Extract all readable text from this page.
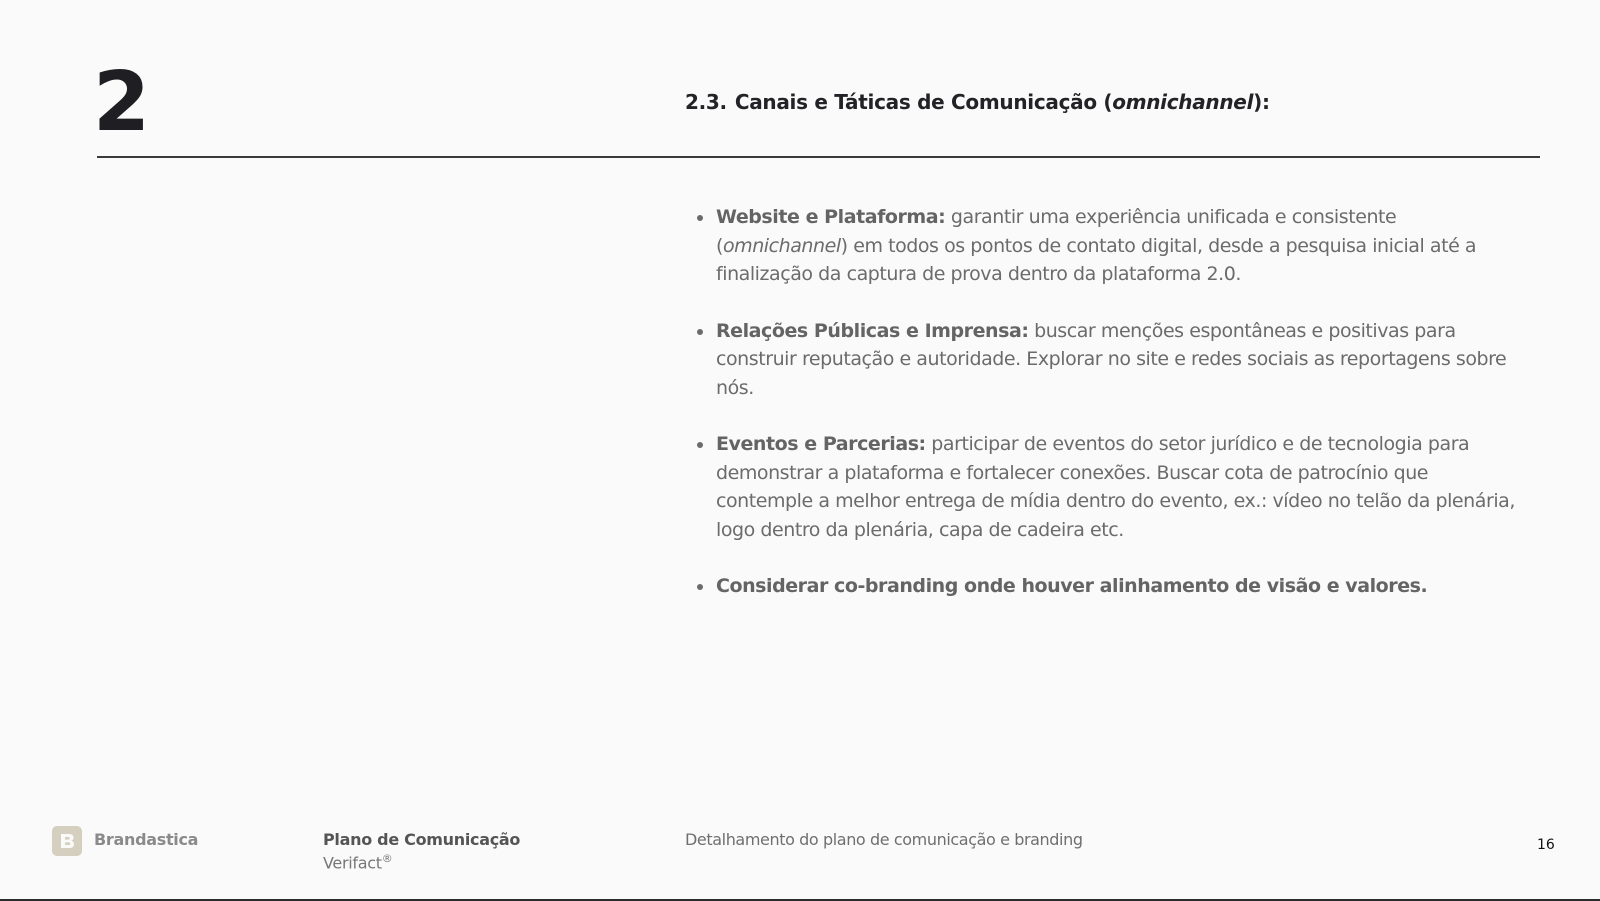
2	2.3. Canais e Táticas de Comunicação (omnichannel):
Website e Plataforma: garantir uma experiência unificada e consistente (omnichannel) em todos os pontos de contato digital, desde a pesquisa inicial até a finalização da captura de prova dentro da plataforma 2.0.
Relações Públicas e Imprensa: buscar menções espontâneas e positivas para construir reputação e autoridade. Explorar no site e redes sociais as reportagens sobre nós.
Eventos e Parcerias: participar de eventos do setor jurídico e de tecnologia para demonstrar a plataforma e fortalecer conexões. Buscar cota de patrocínio que contemple a melhor entrega de mídia dentro do evento, ex.: vídeo no telão da plenária, logo dentro da plenária, capa de cadeira etc.
Considerar co-branding onde houver alinhamento de visão e valores.
Brandastica	Plano de Comunicação
Verifact®
Detalhamento do plano de comunicação e branding	16
